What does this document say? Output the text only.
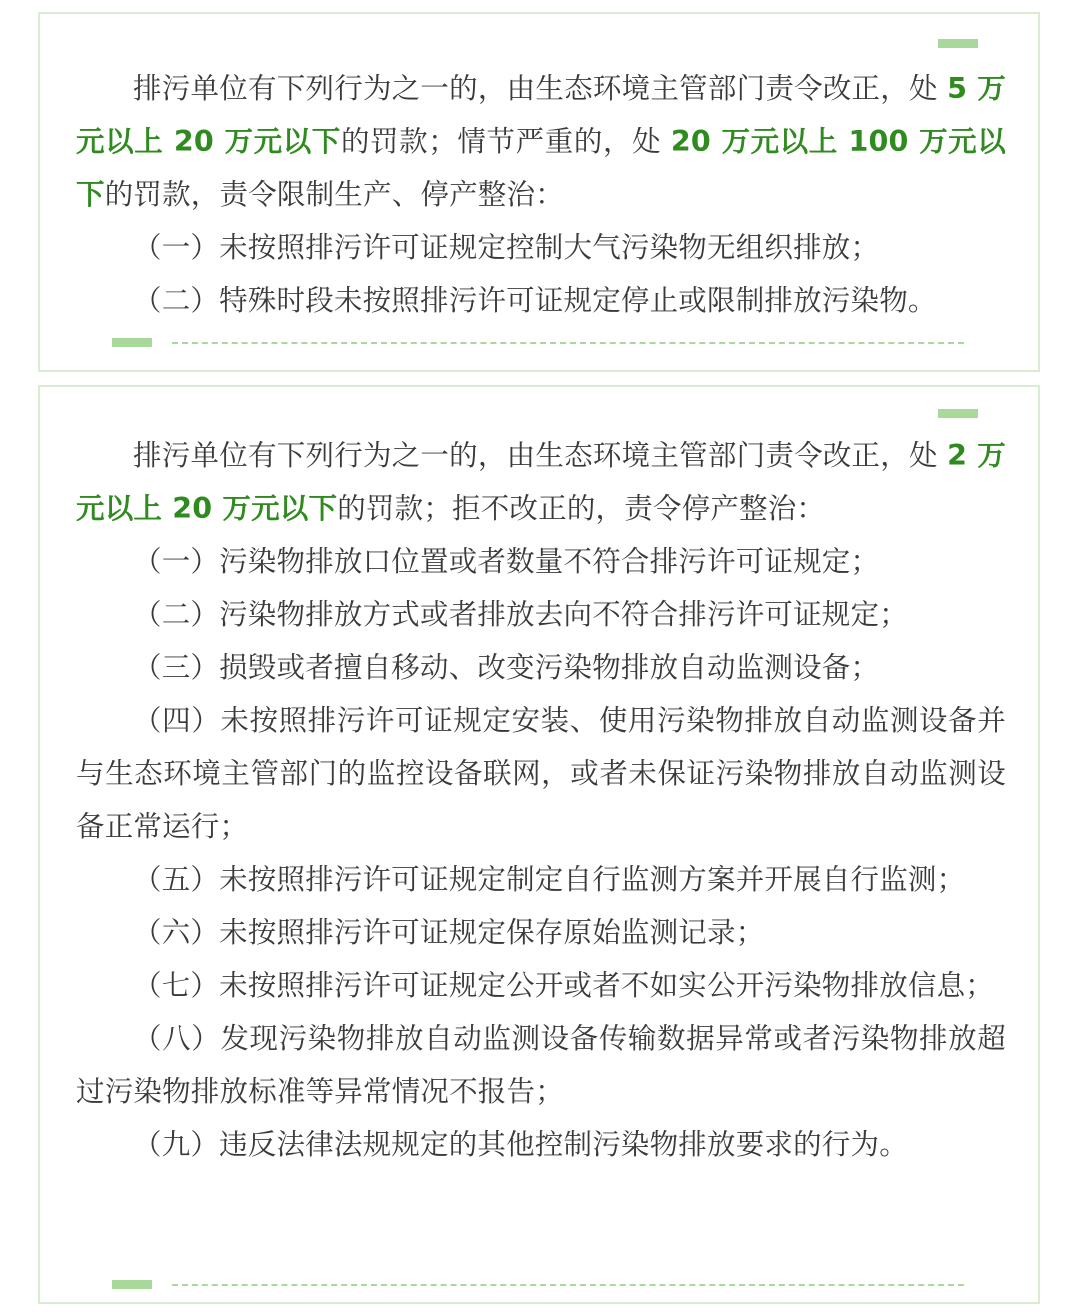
排污单位有下列行为之一的，由生态环境主管部门责令改正，处 5 万元以上 20 万元以下的罚款；情节严重的，处 20 万元以上 100 万元以下的罚款，责令限制生产、停产整治：

（一）未按照排污许可证规定控制大气污染物无组织排放；

（二）特殊时段未按照排污许可证规定停止或限制排放污染物。

排污单位有下列行为之一的，由生态环境主管部门责令改正，处 2 万元以上 20 万元以下的罚款；拒不改正的，责令停产整治：

（一）污染物排放口位置或者数量不符合排污许可证规定；

（二）污染物排放方式或者排放去向不符合排污许可证规定；

（三）损毁或者擅自移动、改变污染物排放自动监测设备；

（四）未按照排污许可证规定安装、使用污染物排放自动监测设备并与生态环境主管部门的监控设备联网，或者未保证污染物排放自动监测设备正常运行；

（五）未按照排污许可证规定制定自行监测方案并开展自行监测；

（六）未按照排污许可证规定保存原始监测记录；

（七）未按照排污许可证规定公开或者不如实公开污染物排放信息；

（八）发现污染物排放自动监测设备传输数据异常或者污染物排放超过污染物排放标准等异常情况不报告；

（九）违反法律法规规定的其他控制污染物排放要求的行为。
